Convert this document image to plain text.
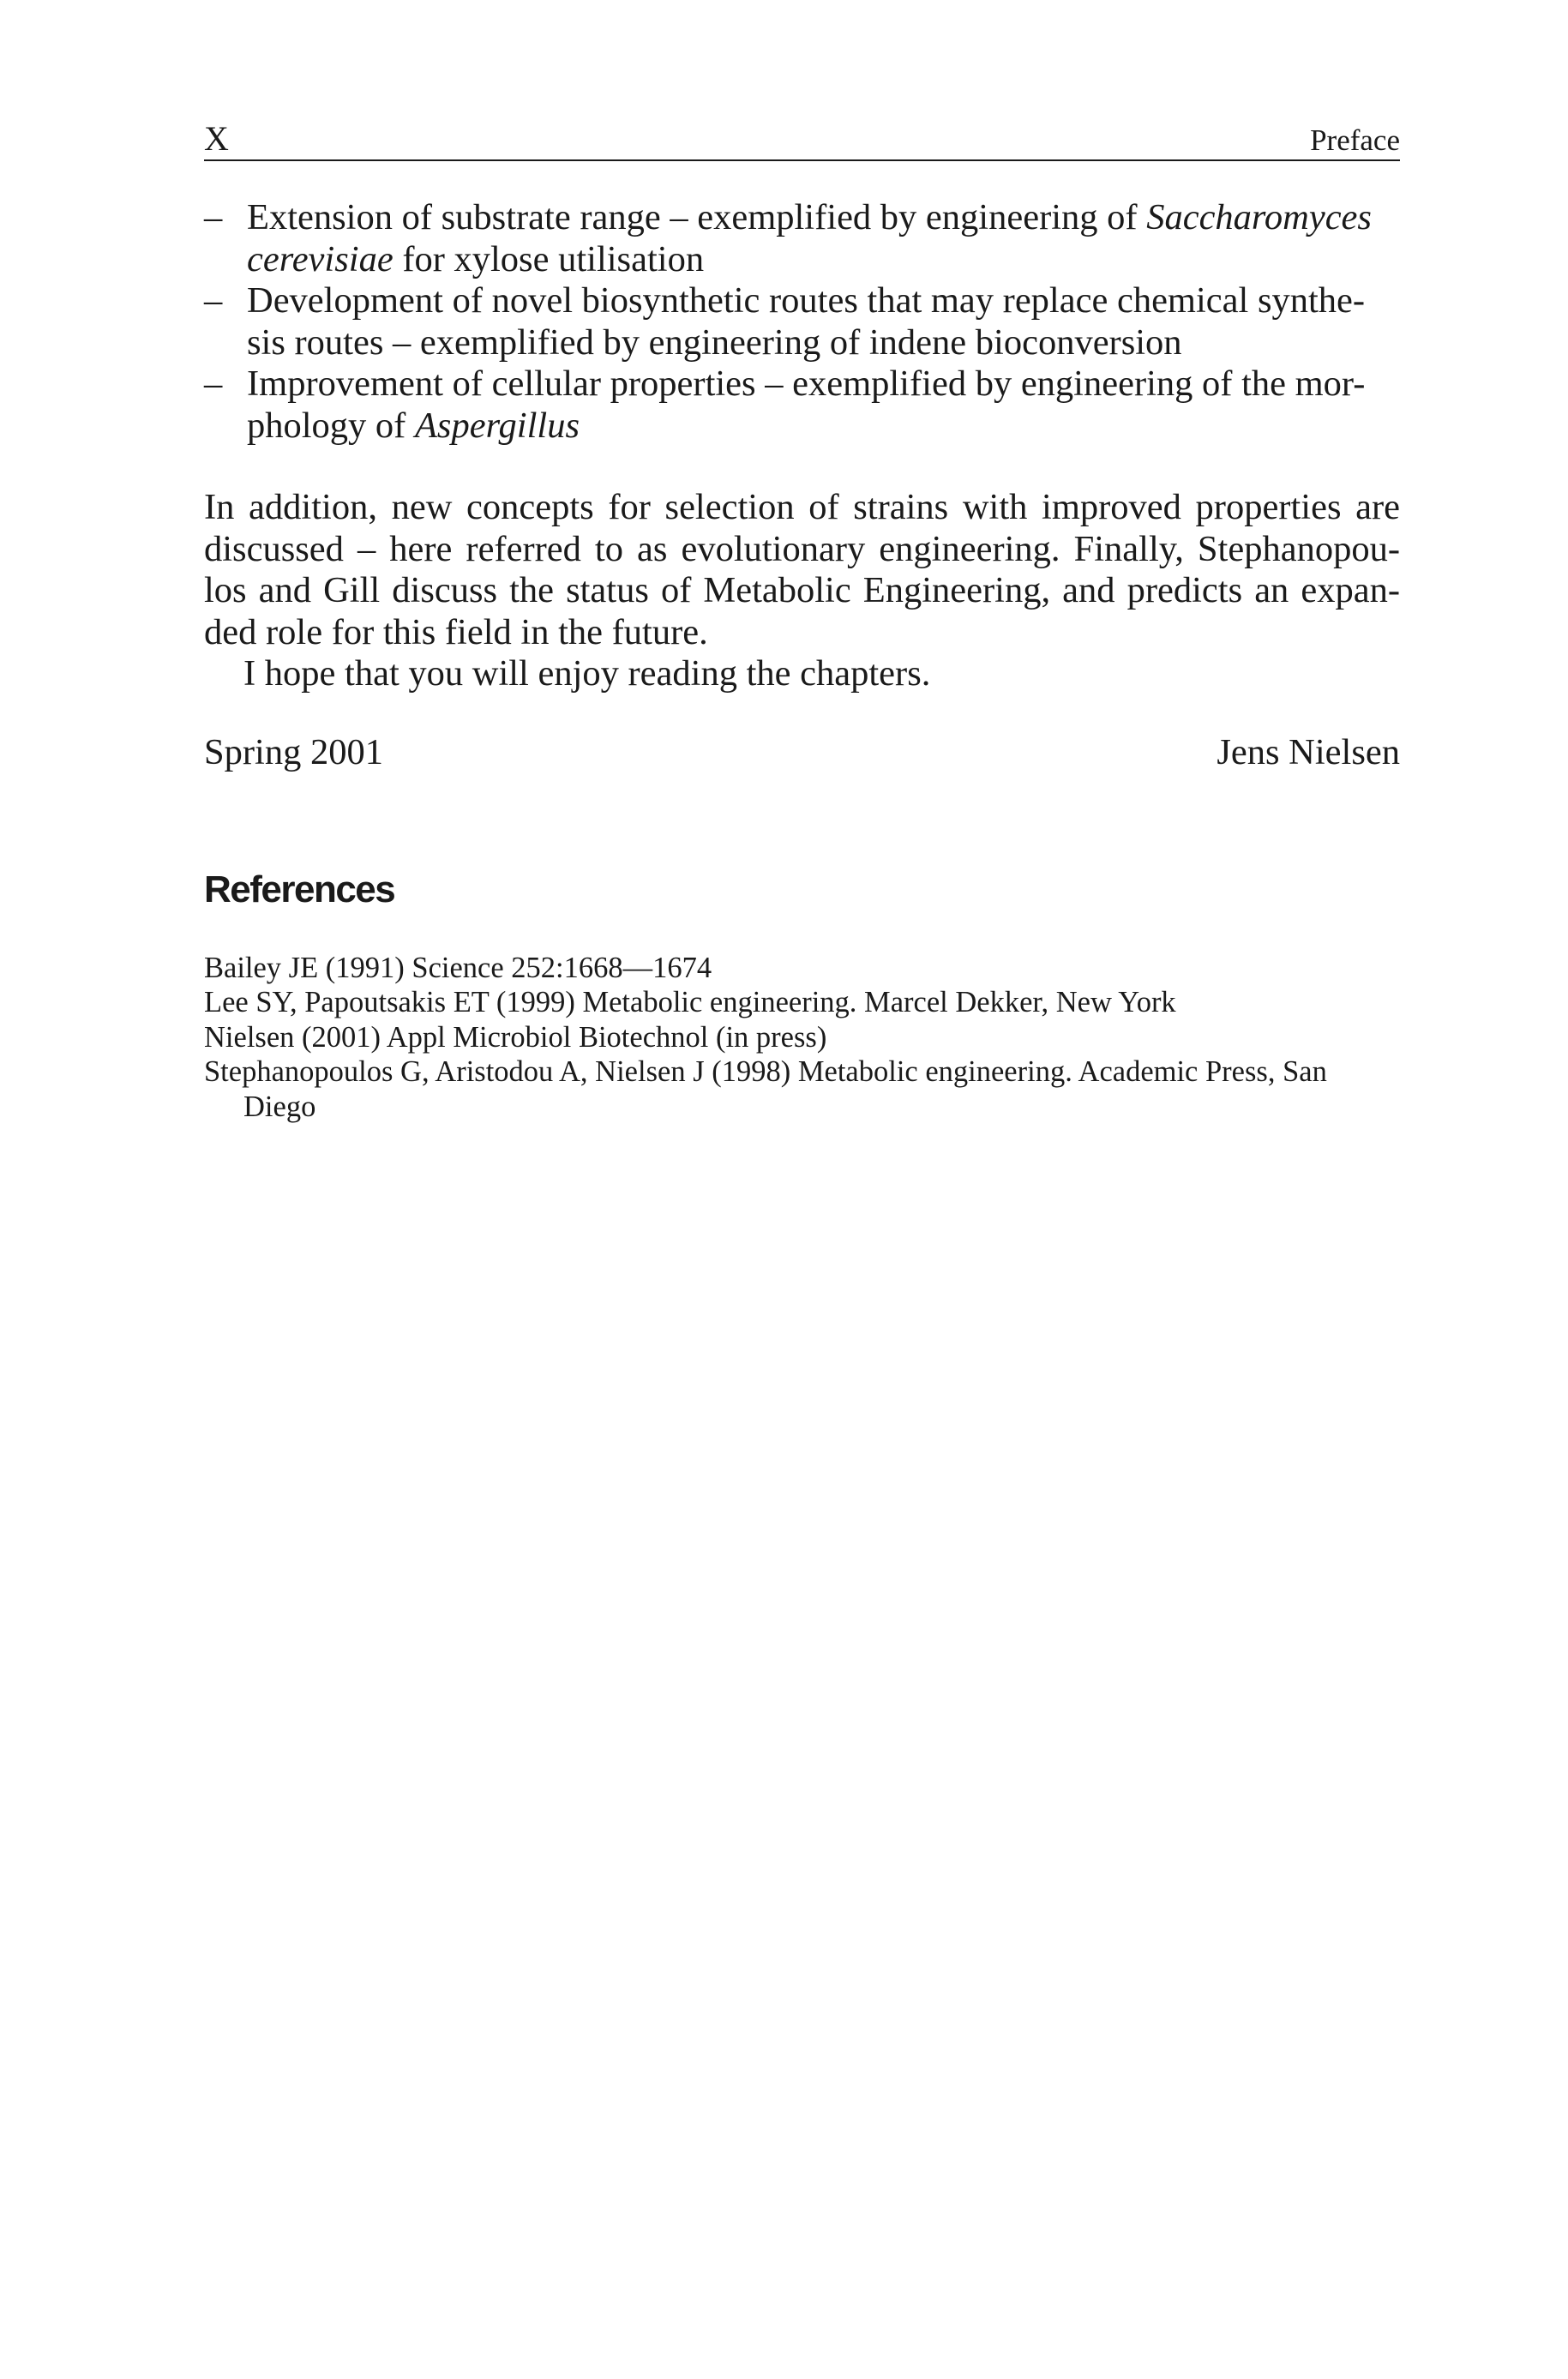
X	Preface
– Extension of substrate range – exemplified by engineering of Saccharomyces cerevisiae for xylose utilisation
– Development of novel biosynthetic routes that may replace chemical synthe-sis routes – exemplified by engineering of indene bioconversion
– Improvement of cellular properties – exemplified by engineering of the mor-phology of Aspergillus

In addition, new concepts for selection of strains with improved properties are discussed – here referred to as evolutionary engineering. Finally, Stephanopou-los and Gill discuss the status of Metabolic Engineering, and predicts an expan-ded role for this field in the future.

I hope that you will enjoy reading the chapters.

Spring 2001	Jens Nielsen
References
Bailey JE (1991) Science 252:1668—1674
Lee SY, Papoutsakis ET (1999) Metabolic engineering. Marcel Dekker, New York
Nielsen (2001) Appl Microbiol Biotechnol (in press)
Stephanopoulos G, Aristodou A, Nielsen J (1998) Metabolic engineering. Academic Press, San Diego
